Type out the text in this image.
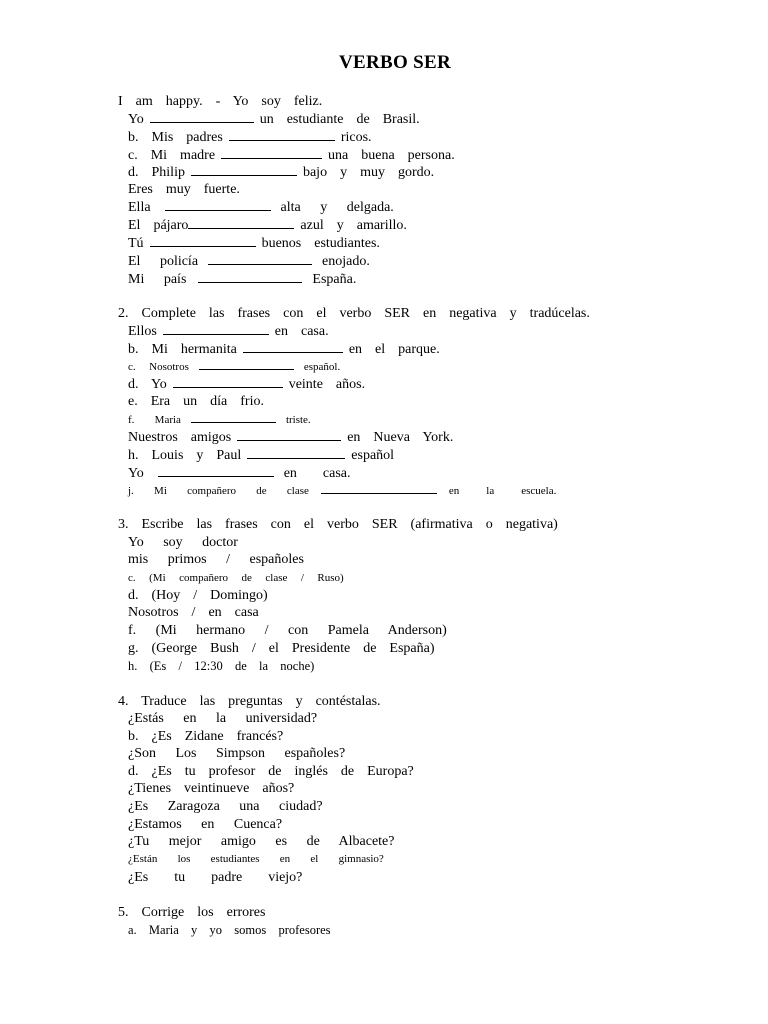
VERBO SER
I  am  happy.  -  Yo  soy  feliz.
Yo	un  estudiante  de  Brasil.
b.  Mis  padres	ricos.
c.  Mi  madre	una  buena  persona.
d.  Philip	bajo  y  muy  gordo.
Eres  muy  fuerte.
Ella	alta   y   delgada.
El  pájaro	azul  y  amarillo.
Tú	buenos  estudiantes.
El   policía	enojado.
Mi   país	España.
2.  Complete  las  frases  con  el  verbo  SER  en  negativa  y  tradúcelas.
Ellos	en  casa.
b.  Mi  hermanita	en  el  parque.
c.  Nosotros	español.
d.  Yo	veinte  años.
e.  Era  un  día  frio.
f.   Maria	triste.
Nuestros  amigos	en  Nueva  York.
h.  Louis  y  Paul	español
Yo	en    casa.
j.   Mi   compañero   de   clase	en    la    escuela.
3.  Escribe  las  frases  con  el  verbo  SER  (afirmativa  o  negativa)
Yo   soy   doctor
mis   primos   /   españoles
c.  (Mi  compañero  de  clase  /  Ruso)
d.  (Hoy  /  Domingo)
Nosotros  /  en  casa
f.   (Mi   hermano   /   con   Pamela   Anderson)
g.  (George  Bush  /  el  Presidente  de  España)
h.  (Es  /  12:30  de  la  noche)
4.  Traduce  las  preguntas  y  contéstalas.
¿Estás   en   la   universidad?
b.  ¿Es  Zidane  francés?
¿Son   Los   Simpson   españoles?
d.  ¿Es  tu  profesor  de  inglés  de  Europa?
¿Tienes  veintinueve  años?
¿Es   Zaragoza   una   ciudad?
¿Estamos   en   Cuenca?
¿Tu   mejor   amigo   es   de   Albacete?
¿Están   los   estudiantes   en   el   gimnasio?
¿Es    tu    padre    viejo?
5.  Corrige  los  errores
a.  Maria  y  yo  somos  profesores
